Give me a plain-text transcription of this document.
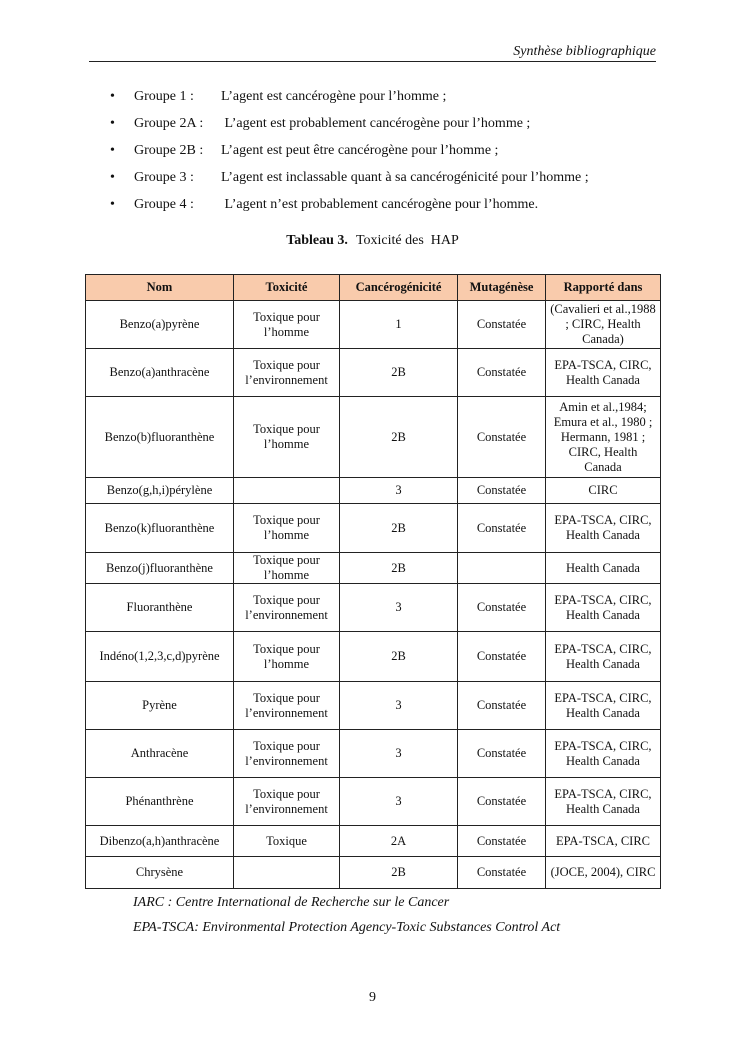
Synthèse bibliographique
•	Groupe 1 :	L’agent est cancérogène pour l’homme ;
•	Groupe 2A :	L’agent est probablement cancérogène pour l’homme ;
•	Groupe 2B :	L’agent est peut être cancérogène pour l’homme ;
•	Groupe 3 :	L’agent est inclassable quant à sa cancérogénicité pour l’homme ;
•	Groupe 4 :	L’agent n’est probablement cancérogène pour l’homme.
Tableau 3. Toxicité des  HAP
Nom	Toxicité	Cancérogénicité	Mutagénèse	Rapporté dans
Benzo(a)pyrène	Toxique pour l’homme	1	Constatée	(Cavalieri et al.,1988 ; CIRC, Health Canada)
Benzo(a)anthracène	Toxique pour l’environnement	2B	Constatée	EPA-TSCA, CIRC, Health Canada
Benzo(b)fluoranthène	Toxique pour l’homme	2B	Constatée	Amin et al.,1984; Emura et al., 1980 ; Hermann, 1981 ; CIRC, Health Canada
Benzo(g,h,i)pérylène		3	Constatée	CIRC
Benzo(k)fluoranthène	Toxique pour l’homme	2B	Constatée	EPA-TSCA, CIRC, Health Canada
Benzo(j)fluoranthène	Toxique pour l’homme	2B		Health Canada
Fluoranthène	Toxique pour l’environnement	3	Constatée	EPA-TSCA, CIRC, Health Canada
Indéno(1,2,3,c,d)pyrène	Toxique pour l’homme	2B	Constatée	EPA-TSCA, CIRC, Health Canada
Pyrène	Toxique pour l’environnement	3	Constatée	EPA-TSCA, CIRC, Health Canada
Anthracène	Toxique pour l’environnement	3	Constatée	EPA-TSCA, CIRC, Health Canada
Phénanthrène	Toxique pour l’environnement	3	Constatée	EPA-TSCA, CIRC, Health Canada
Dibenzo(a,h)anthracène	Toxique	2A	Constatée	EPA-TSCA, CIRC
Chrysène		2B	Constatée	(JOCE, 2004), CIRC
IARC : Centre International de Recherche sur le Cancer
EPA-TSCA: Environmental Protection Agency-Toxic Substances Control Act
9
